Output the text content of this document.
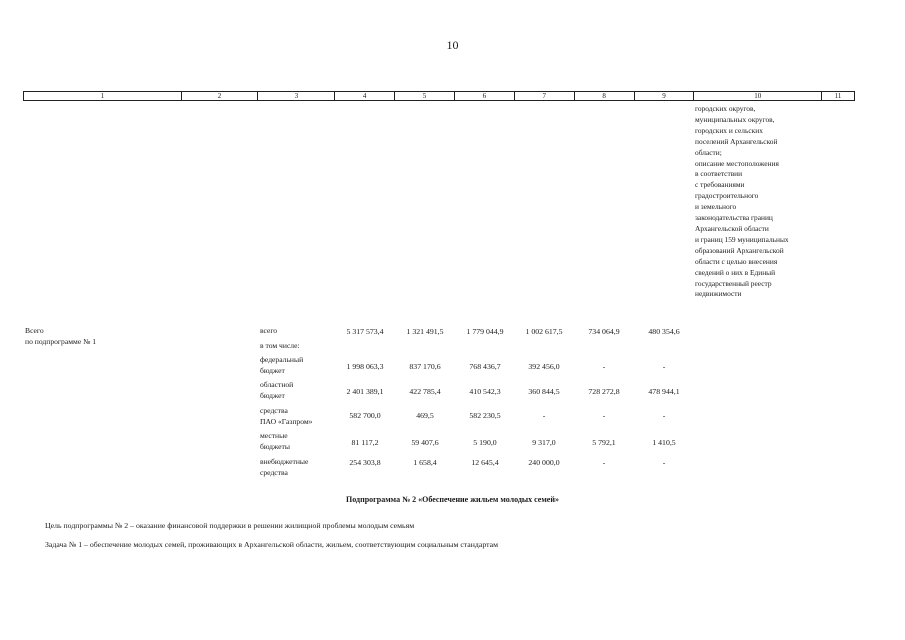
10
1	2	3	4	5	6	7	8	9	10	11
городских округов,
муниципальных округов,
городских и сельских
поселений Архангельской
области;
описание местоположения
в соответствии
с требованиями
градостроительного
и земельного
законодательства границ
Архангельской области
и границ 159 муниципальных
образований Архангельской
области с целью внесения
сведений о них в Единый
государственный реестр
недвижимости
Всего
по подпрограмме № 1
всего	5 317 573,4	1 321 491,5	1 779 044,9	1 002 617,5	734 064,9	480 354,6
в том числе:
федеральный
бюджет	1 998 063,3	837 170,6	768 436,7	392 456,0	-	-
областной
бюджет	2 401 389,1	422 785,4	410 542,3	360 844,5	728 272,8	478 944,1
средства
ПАО «Газпром»
582 700,0	469,5	582 230,5	-	-	-
местные
бюджеты	81 117,2	59 407,6	5 190,0	9 317,0	5 792,1	1 410,5
внебюджетные
средства
254 303,8	1 658,4	12 645,4	240 000,0	-	-
Подпрограмма № 2 «Обеспечение жильем молодых семей»
Цель подпрограммы № 2 – оказание финансовой поддержки в решении жилищной проблемы молодым семьям
Задача № 1 – обеспечение молодых семей, проживающих в Архангельской области, жильем, соответствующим социальным стандартам
